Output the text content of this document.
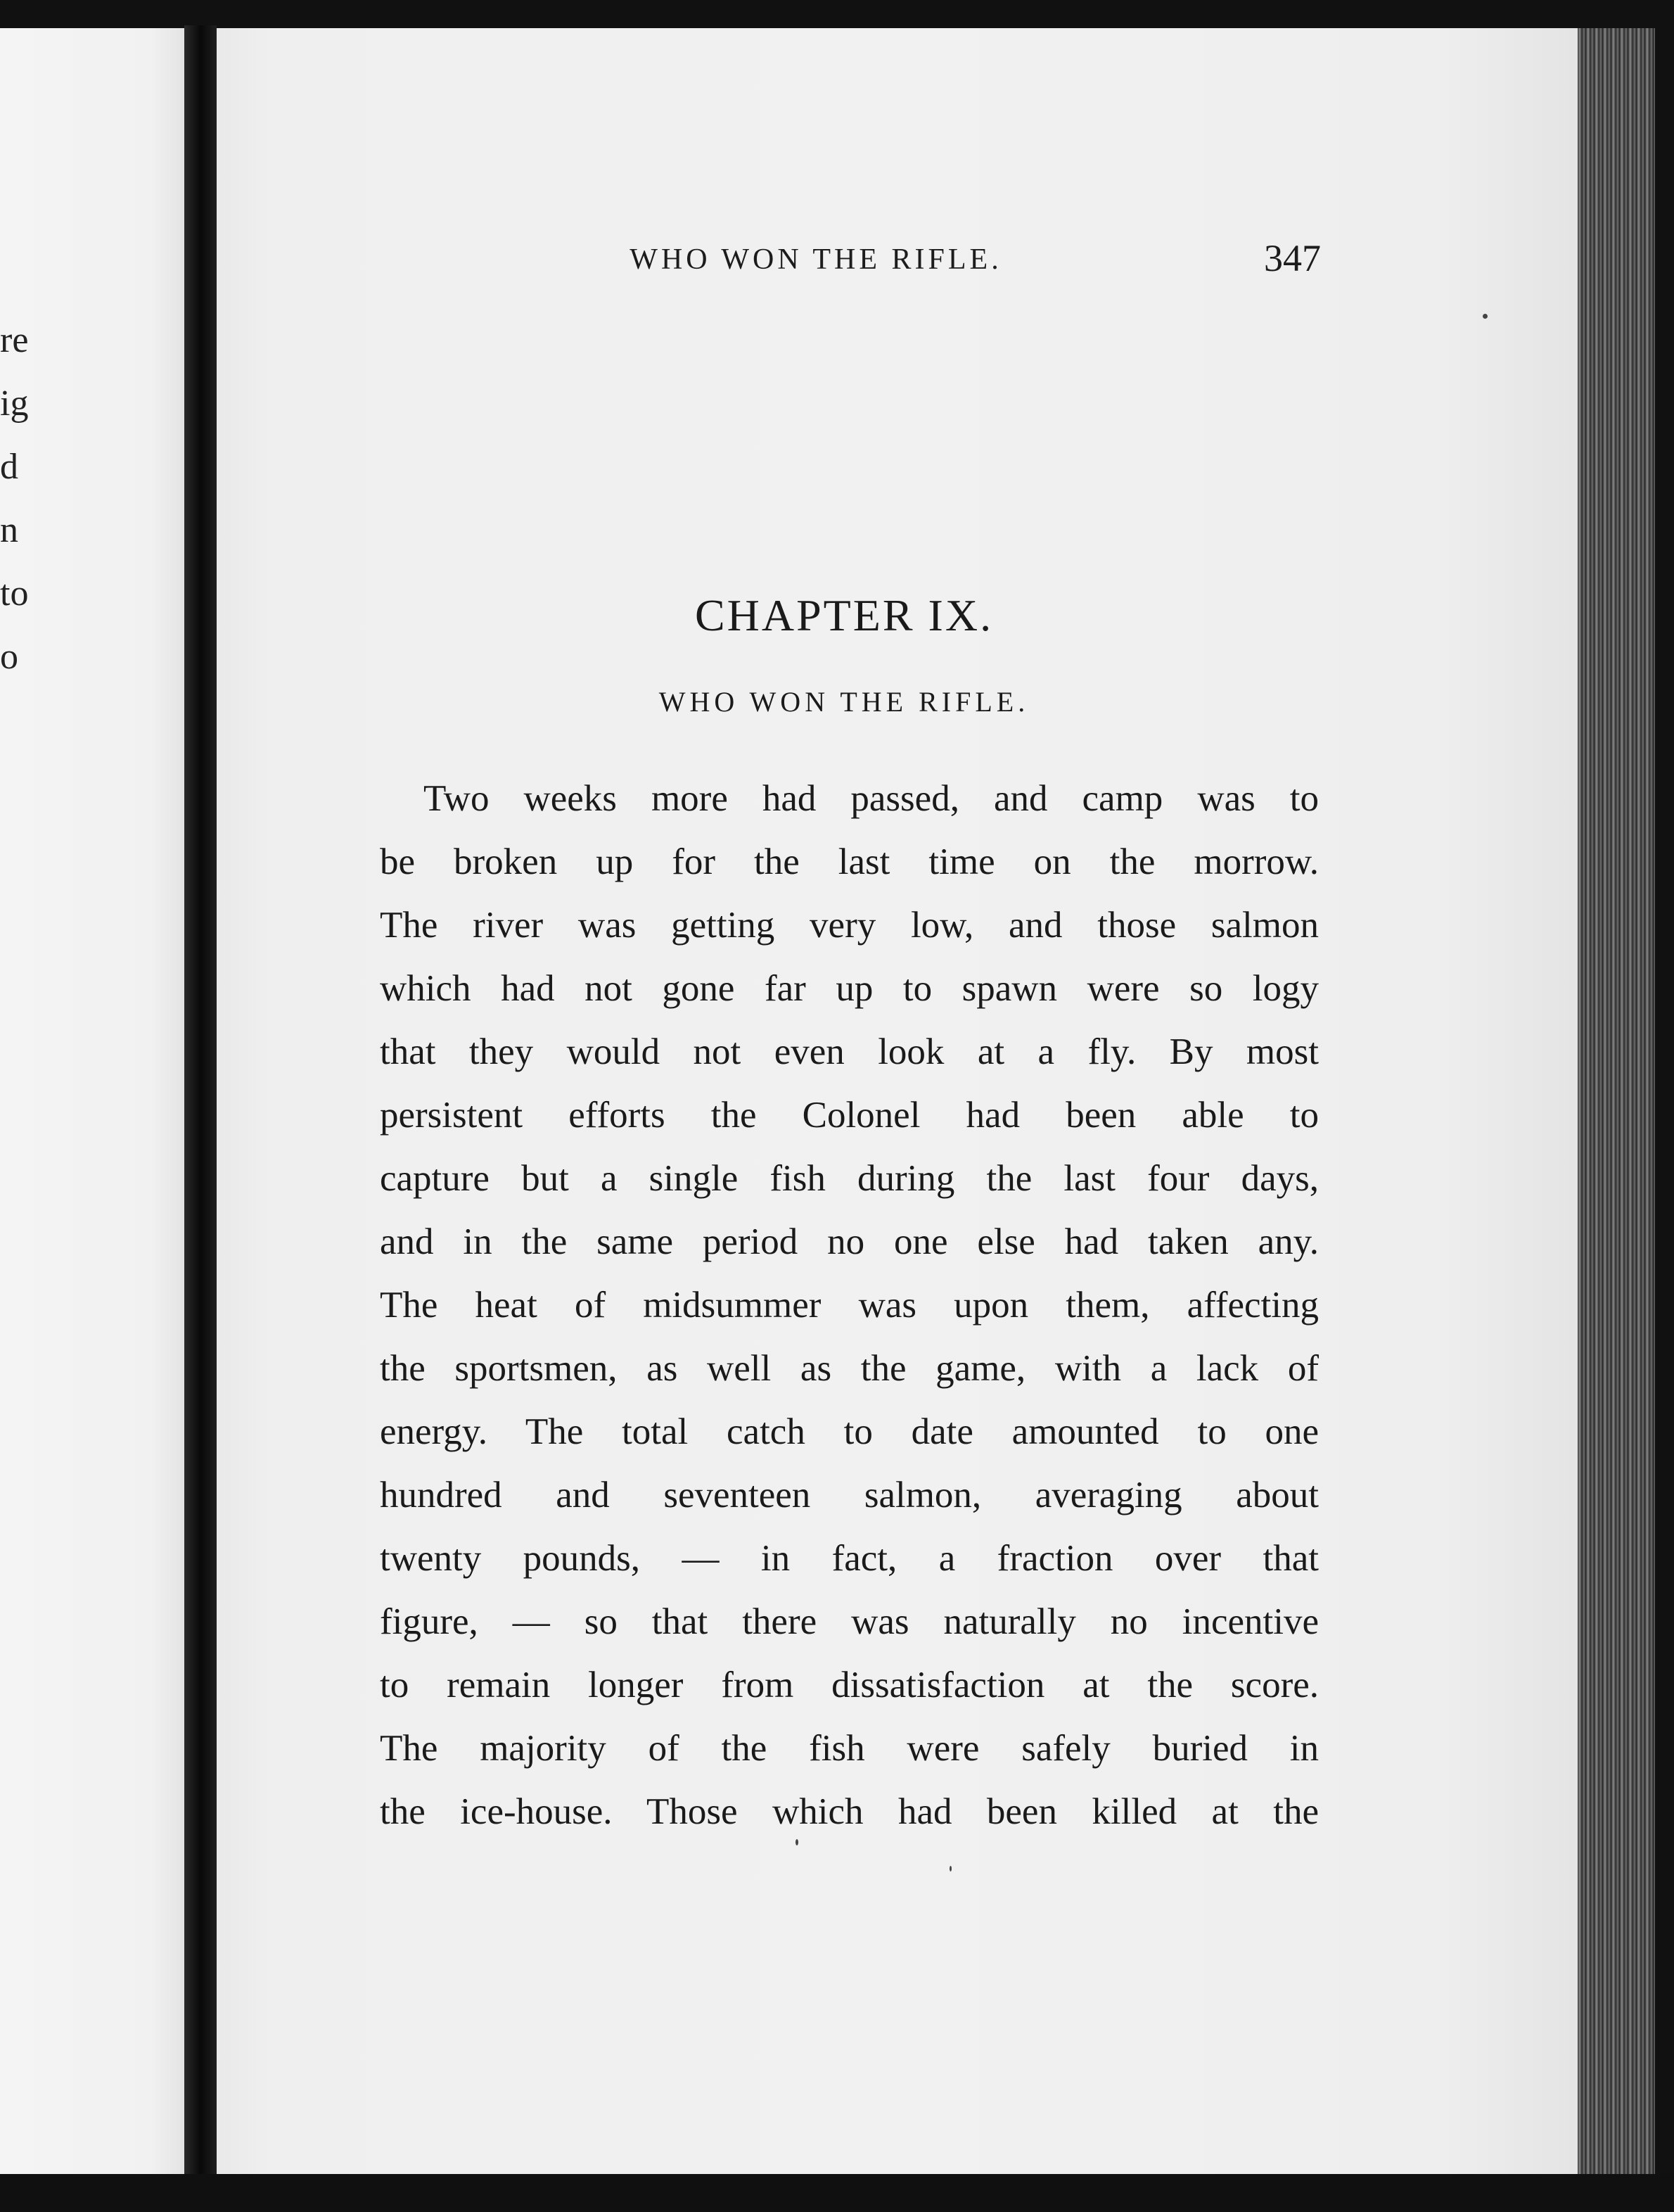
re
ig
d
n
to
o
WHO WON THE RIFLE.	347
CHAPTER IX.
WHO WON THE RIFLE.
Two weeks more had passed, and camp was to
be broken up for the last time on the morrow.
The river was getting very low, and those salmon
which had not gone far up to spawn were so logy
that they would not even look at a fly. By most
persistent efforts the Colonel had been able to
capture but a single fish during the last four days,
and in the same period no one else had taken any.
The heat of midsummer was upon them, affecting
the sportsmen, as well as the game, with a lack of
energy. The total catch to date amounted to one
hundred and seventeen salmon, averaging about
twenty pounds, — in fact, a fraction over that
figure, — so that there was naturally no incentive
to remain longer from dissatisfaction at the score.
The majority of the fish were safely buried in
the ice-house. Those which had been killed at the
